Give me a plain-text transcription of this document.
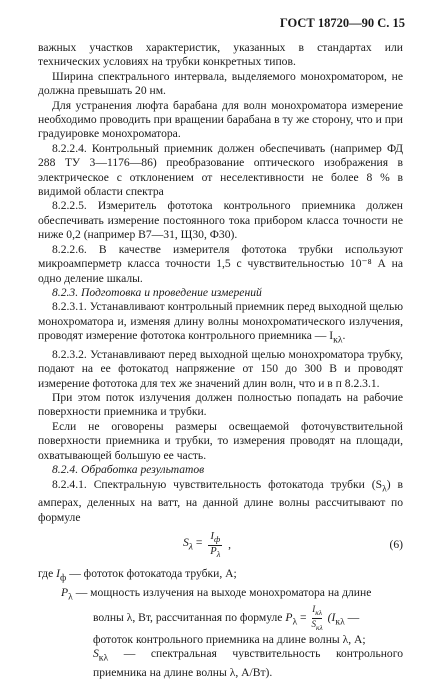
ГОСТ 18720—90 С. 15

важных участков характеристик, указанных в стандартах или технических условиях на трубки конкретных типов.

Ширина спектрального интервала, выделяемого монохроматором, не должна превышать 20 нм.

Для устранения люфта барабана для волн монохроматора измерение необходимо проводить при вращении барабана в ту же сторону, что и при градуировке монохроматора.

8.2.2.4. Контрольный приемник должен обеспечивать (например ФД 288 ТУ 3—1176—86) преобразование оптического изображения в электрическое с отклонением от неселективности не более 8 % в видимой области спектра

8.2.2.5. Измеритель фототока контрольного приемника должен обеспечивать измерение постоянного тока прибором класса точности не ниже 0,2 (например В7—31, Щ30, Ф30).

8.2.2.6. В качестве измерителя фототока трубки используют микроамперметр класса точности 1,5 с чувствительностью 10⁻⁸ А на одно деление шкалы.

8.2.3. Подготовка и проведение измерений

8.2.3.1. Устанавливают контрольный приемник перед выходной щелью монохроматора и, изменяя длину волны монохроматического излучения, проводят измерение фототока контрольного приемника — $I_{к\lambda}$.

8.2.3.2. Устанавливают перед выходной щелью монохроматора трубку, подают на ее фотокатод напряжение от 150 до 300 В и проводят измерение фототока для тех же значений длин волн, что и в п 8.2.3.1.

При этом поток излучения должен полностью попадать на рабочие поверхности приемника и трубки.

Если не оговорены размеры освещаемой фоточувствительной поверхности приемника и трубки, то измерения проводят на площади, охватывающей большую ее часть.

8.2.4. Обработка результатов

8.2.4.1. Спектральную чувствительность фотокатода трубки $(S_\lambda)$ в амперах, деленных на ватт, на данной длине волны рассчитывают по формуле

$S_\lambda = \frac{I_ф}{P_\lambda}$ ,	(6)

где $I_ф$ — фототок фотокатода трубки, А;

$P_\lambda$ — мощность излучения на выходе монохроматора на длине

волны λ, Вт, рассчитанная по формуле $P_\lambda = \frac{I_{к\lambda}}{S_{к\lambda}} (I_{к\lambda}$ —

фототок контрольного приемника на длине волны λ, А;

$S_{к\lambda}$ — спектральная чувствительность контрольного приемника на длине волны λ, А/Вт).
